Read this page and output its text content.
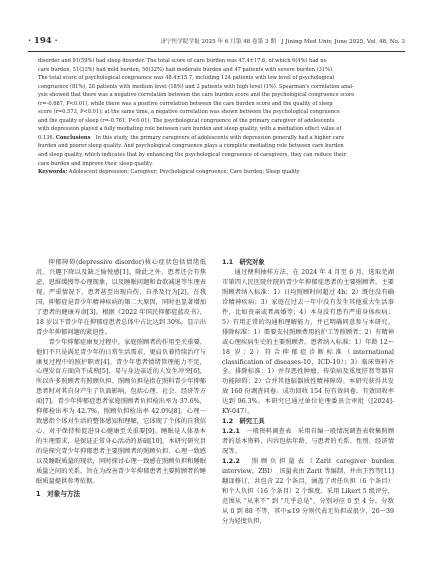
· 194 ·	济宁医学院学报 2025 年 6 月第 48 卷第 3 期　J Jining Med Univ, June 2025, Vol. 48, No. 3

disorder and 91(59%) had sleep disorder. The total score of care burden was 47.4±17.6, of which 6(4%) had no

care burden, 51(33%) had mild burden, 50(32%) had moderate burden and 47 patients with severe burden (31%).

The total score of psychological congruence was 48.4±15.7, including 124 patients with low level of psychological

congruence (81%), 28 patients with medium level (18%) and 2 patients with high level (1%). Spearman's correlation anal-

ysis showed that there was a negative correlation between the care burden score and the psychological congruence score

(r=-0.687, P<0.01), while there was a positive correlation between the care burden score and the quality of sleep

score (r=0.573, P<0.01); at the same time, a negative correlation was shown between the psychological congruence

and the quality of sleep (r=-0.761, P<0.01). The psychological congruence of the primary caregiver of adolescents

with depression played a fully mediating role between care burden and sleep quality, with a mediation effect value of

0.136. Conclusions　In this study, the primary caregivers of adolescents with depression generally had a higher care

burden and poorer sleep quality. And psychological congruence plays a complete mediating role between care burden

and sleep quality, which indicates that by enhancing the psychological congruence of caregivers, they can reduce their

care burden and improve their sleep quality.

Keywords: Adolescent depression; Caregiver; Psychological congruence; Care burden; Sleep quality

抑郁障碍(depressive disorder)核心症状包括情绪低沉、兴趣下降以及缺乏愉悦感[1]。除此之外，患者还会有焦虑、思维缓慢等心理现象，以及睡眠问题和食欲减退等生理表现。严重情况下，患者甚至出现自伤、自杀及行为[2]。在我国，抑郁症是青少年精神疾病的第二大原因，同时也显著增加了患者的健康寿命[3]。根据《2022 年国民抑郁症蓝皮书》，18 岁以下青少年在抑郁症患者总体中占比达到 30%，显示出青少年抑郁问题的紧迫性。

青少年抑郁症康复过程中，家庭照顾者的作用至关重要。他们不只是满足青少年的日常生活需求，更肩负着持续治疗与康复过程中的照护职责[4]。青少年患者情绪管理能力不足，心理发育方面尚不成熟[5]，易与身边亲近的人发生冲突[6]，所以许多照顾者有照顾负担。照顾负担是指在照料青少年抑郁患者时对其自身产生了负面影响，包括心理、社会、经济等方面[7]。青少年抑郁症患者家庭照顾者负担检出率为 37.6%，抑郁检出率为 42.7%，照顾负担检出率 42.0%[8]。心理一致感指个体对生活的整体感知和理解，它体现了个体的自我信心、对于保持和促进身心健康至关重要[9]。睡眠是人体基本的生理需求，是保证正常身心活动的基础[10]。本研究研究目的是探究青少年抑郁患者主要照顾者的照顾负担、心理一致感以及睡眠质量的现状，同时探讨心理一致感在照顾负担和睡眠质量之间的关系，旨在为改善青少年抑郁患者主要照顾者的睡眠质量提供参考依据。

1　对象与方法

1.1　研究对象

通过便利抽样方法，在 2024 年 4 月至 6 月，选取芜湖市第四人民医院住院的青少年抑郁症患者的主要照顾者。主要照顾者纳入标准：1）日均照顾时间超过 4h；2）既往没有确诊精神疾病；3）家庭在过去一年中没有发生其他重大生活事件，比如丧亲或者离婚等；4）本身没有患有严重身体疾病；5）有用正常的沟通和理解能力，并已明确同意参与本研究。排除标准：1）需要支付照顾费用的护工等照顾者；2）有精神或心理疾病生史的主要照顾者。患者纳入标准：1）年龄 12～18 岁；2）符合抑郁症诊断标准（international classification of diseases-10，ICD-10）；3）临床资料齐全。排除标准：1）并存恶性肿瘤、传染病及重度肝肾等器官功能障碍；2）合并其他脑器质性精神障碍。本研究获得共发放 160 份调查问卷。成功回收 154 份有效问卷，有效回收率达到 96.3%。本研究已通过单位伦理委员会审批（[2024]-KY-047）。

1.2　研究工具

1.2.1　 一般资料调查表　采用自编一般情况调查表收集照顾者的基本资料，内容包括年龄、与患者的关系、性别、经济情况等。

1.2.2　 照顾负担量表（Zarit caregiver burden interview，ZBI）　该量表由 Zarit 等编制，并由王烈等[11]翻译修订，共包含 22 个条目，涵盖了责任负担（6 个条目）和个人负担（16 个条目）2 个维度。采用 Likert 5 级评分，范围从 “从来不” 到 “几乎总是”，分别对应 0 至 4 分。分数从 0 到 88 不等，其中≤19 分则代表无负担或很少，20～39 分为轻度负担，
